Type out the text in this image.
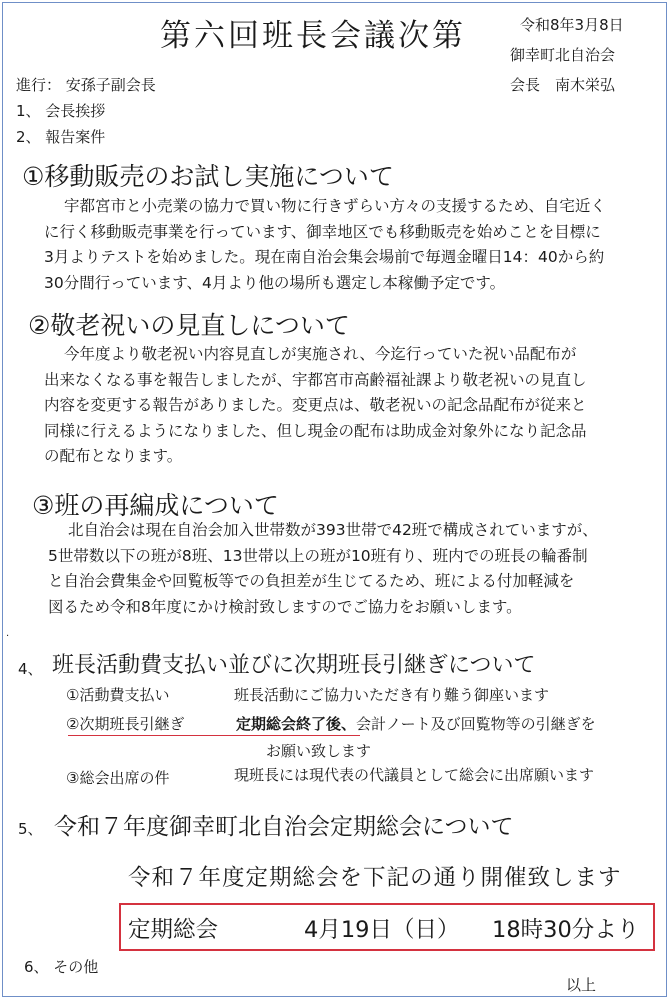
第六回班長会議次第	令和8年3月8日
御幸町北自治会
会長　南木栄弘
進行： 安孫子副会長
1、 会長挨拶
2、 報告案件
①移動販売のお試し実施について
宇都宮市と小売業の協力で買い物に行きずらい方々の支援するため、自宅近く
に行く移動販売事業を行っています、御幸地区でも移動販売を始めことを目標に
3月よりテストを始めました。現在南自治会集会場前で毎週金曜日14：40から約
30分間行っています、4月より他の場所も選定し本稼働予定です。
②敬老祝いの見直しについて
今年度より敬老祝い内容見直しが実施され、今迄行っていた祝い品配布が
出来なくなる事を報告しましたが、宇都宮市高齢福祉課より敬老祝いの見直し
内容を変更する報告がありました。変更点は、敬老祝いの記念品配布が従来と
同様に行えるようになりました、但し現金の配布は助成金対象外になり記念品
の配布となります。
③班の再編成について
北自治会は現在自治会加入世帯数が393世帯で42班で構成されていますが、
5世帯数以下の班が8班、13世帯以上の班が10班有り、班内での班長の輪番制
と自治会費集金や回覧板等での負担差が生じてるため、班による付加軽減を
図るため令和8年度にかけ検討致しますのでご協力をお願いします。
.
4、 班長活動費支払い並びに次期班長引継ぎについて
①活動費支払い	班長活動にご協力いただき有り難う御座います
②次期班長引継ぎ	定期総会終了後、会計ノート及び回覧物等の引継ぎを
お願い致します
③総会出席の件	現班長には現代表の代議員として総会に出席願います
5、 令和７年度御幸町北自治会定期総会について
令和７年度定期総会を下記の通り開催致します
定期総会	4月19日（日） 18時30分より
6、 その他
以上
